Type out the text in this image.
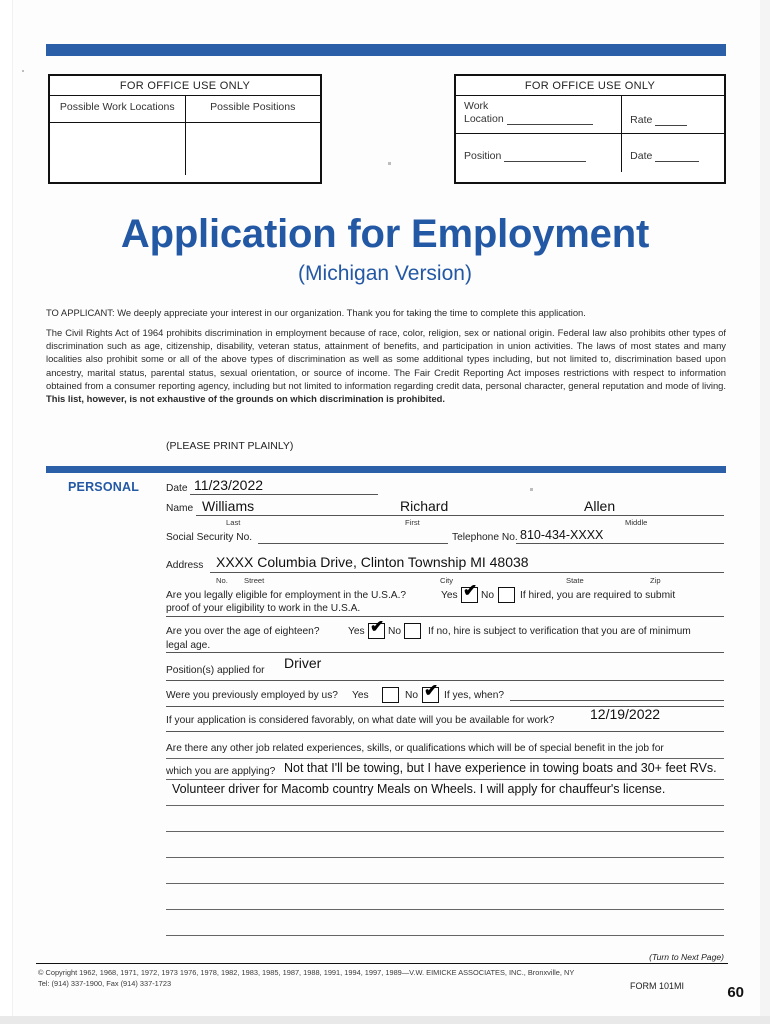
FOR OFFICE USE ONLY
Possible Work Locations	Possible Positions
FOR OFFICE USE ONLY
Work
Location	Rate
Position	Date
Application for Employment
(Michigan Version)
TO APPLICANT: We deeply appreciate your interest in our organization. Thank you for taking the time to complete this application.
The Civil Rights Act of 1964 prohibits discrimination in employment because of race, color, religion, sex or national origin. Federal law also prohibits other types of discrimination such as age, citizenship, disability, veteran status, attainment of benefits, and participation in union activities. The laws of most states and many localities also prohibit some or all of the above types of discrimination as well as some additional types including, but not limited to, discrimination based upon ancestry, marital status, parental status, sexual orientation, or source of income. The Fair Credit Reporting Act imposes restrictions with respect to information obtained from a consumer reporting agency, including but not limited to information regarding credit data, personal character, general reputation and mode of living. This list, however, is not exhaustive of the grounds on which discrimination is prohibited.
(PLEASE PRINT PLAINLY)
PERSONAL	Date 11/23/2022
Name Williams	Richard	Allen
Last	First	Middle
Social Security No.	Telephone No. 810-434-XXXX
Address XXXX Columbia Drive, Clinton Township MI 48038
No. Street	City	State	Zip
Are you legally eligible for employment in the U.S.A.?	Yes ✔ No	If hired, you are required to submit
proof of your eligibility to work in the U.S.A.
Are you over the age of eighteen?	Yes ✔ No	If no, hire is subject to verification that you are of minimum
legal age.
Position(s) applied for Driver
Were you previously employed by us? Yes	No ✔ If yes, when?
If your application is considered favorably, on what date will you be available for work?	12/19/2022
Are there any other job related experiences, skills, or qualifications which will be of special benefit in the job for
which you are applying? Not that I'll be towing, but I have experience in towing boats and 30+ feet RVs.
Volunteer driver for Macomb country Meals on Wheels. I will apply for chauffeur's license.
(Turn to Next Page)
© Copyright 1962, 1968, 1971, 1972, 1973 1976, 1978, 1982, 1983, 1985, 1987, 1988, 1991, 1994, 1997, 1989—V.W. EIMICKE ASSOCIATES, INC., Bronxville, NY
Tel: (914) 337-1900, Fax (914) 337-1723	FORM 101MI	60
